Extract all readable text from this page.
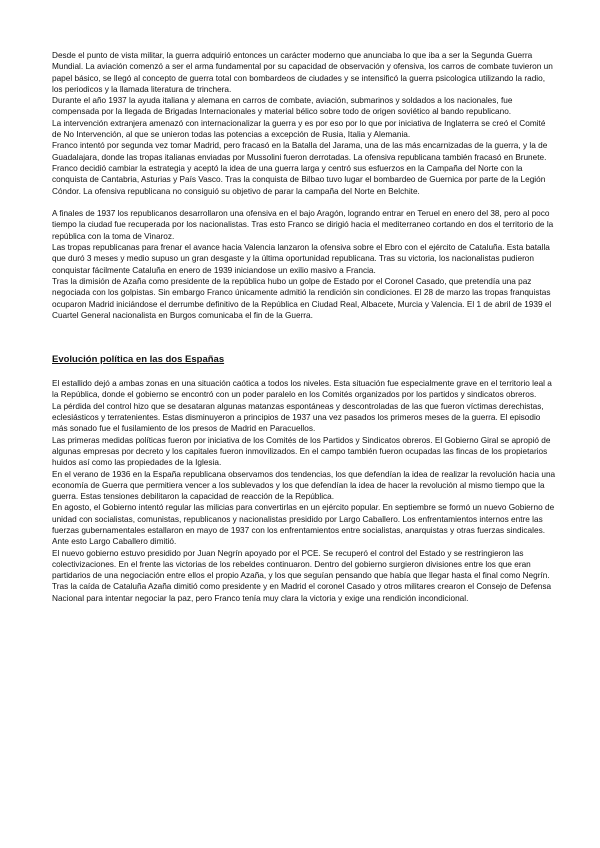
Desde el punto de vista militar, la guerra adquirió entonces un carácter moderno que anunciaba lo que iba a ser la Segunda Guerra Mundial. La aviación comenzó a ser el arma fundamental por su capacidad de observación y ofensiva, los carros de combate tuvieron un papel básico, se llegó al concepto de guerra total con bombardeos de ciudades y se intensificó la guerra psicologica utilizando la radio, los periodicos y la llamada literatura de trinchera.

Durante el año 1937 la ayuda italiana y alemana en carros de combate, aviación, submarinos y soldados a los nacionales, fue compensada por la llegada de Brigadas Internacionales y material bélico sobre todo de origen soviético al bando republicano.

La intervención extranjera amenazó con internacionalizar la guerra y es por eso por lo que por iniciativa de Inglaterra se creó el Comité de No Intervención, al que se unieron todas las potencias a excepción de Rusia, Italia y Alemania.

Franco intentó por segunda vez tomar Madrid, pero fracasó en la Batalla del Jarama, una de las más encarnizadas de la guerra, y la de Guadalajara, donde las tropas italianas enviadas por Mussolini fueron derrotadas. La ofensiva republicana también fracasó en Brunete.

Franco decidió cambiar la estrategia y aceptó la idea de una guerra larga y centró sus esfuerzos en la Campaña del Norte con la conquista de Cantabria, Asturias y País Vasco. Tras la conquista de Bilbao tuvo lugar el bombardeo de Guernica por parte de la Legión Cóndor. La ofensiva republicana no consiguió su objetivo de parar la campaña del Norte en Belchite.

A finales de 1937 los republicanos desarrollaron una ofensiva en el bajo Aragón, logrando entrar en Teruel en enero del 38, pero al poco tiempo la ciudad fue recuperada por los nacionalistas. Tras esto Franco se dirigió hacia el mediterraneo cortando en dos el territorio de la república con la toma de Vinaroz.

Las tropas republicanas para frenar el avance hacia Valencia lanzaron la ofensiva sobre el Ebro con el ejército de Cataluña. Esta batalla que duró 3 meses y medio supuso un gran desgaste y la última oportunidad republicana. Tras su victoria, los nacionalistas pudieron conquistar fácilmente Cataluña en enero de 1939 iniciandose un exilio masivo a Francia.

Tras la dimisión de Azaña como presidente de la república hubo un golpe de Estado por el Coronel Casado, que pretendía una paz negociada con los golpistas. Sin embargo Franco únicamente admitió la rendición sin condiciones. El 28 de marzo las tropas franquistas ocuparon Madrid iniciándose el derrumbe definitivo de la República en Ciudad Real, Albacete, Murcia y Valencia. El 1 de abril de 1939 el Cuartel General nacionalista en Burgos comunicaba el fin de la Guerra.

Evolución política en las dos Españas

El estallido dejó a ambas zonas en una situación caótica a todos los niveles. Esta situación fue especialmente grave en el territorio leal a la República, donde el gobierno se encontró con un poder paralelo en los Comités organizados por los partidos y sindicatos obreros.

La pérdida del control hizo que se desataran algunas matanzas espontáneas y descontroladas de las que fueron víctimas derechistas, eclesiásticos y terratenientes. Estas disminuyeron a principios de 1937 una vez pasados los primeros meses de la guerra. El episodio más sonado fue el fusilamiento de los presos de Madrid en Paracuellos.

Las primeras medidas políticas fueron por iniciativa de los Comités de los Partidos y Sindicatos obreros. El Gobierno Giral se apropió de algunas empresas por decreto y los capitales fueron inmovilizados. En el campo también fueron ocupadas las fincas de los propietarios huidos así como las propiedades de la Iglesia.

En el verano de 1936 en la España republicana observamos dos tendencias, los que defendían la idea de realizar la revolución hacia una economía de Guerra que permitiera vencer a los sublevados y los que defendían la idea de hacer la revolución al mismo tiempo que la guerra. Estas tensiones debilitaron la capacidad de reacción de la República.

En agosto, el Gobierno intentó regular las milicias para convertirlas en un ejército popular. En septiembre se formó un nuevo Gobierno de unidad con socialistas, comunistas, republicanos y nacionalistas presidido por Largo Caballero. Los enfrentamientos internos entre las fuerzas gubernamentales estallaron en mayo de 1937 con los enfrentamientos entre socialistas, anarquistas y otras fuerzas sindicales. Ante esto Largo Caballero dimitió.

El nuevo gobierno estuvo presidido por Juan Negrín apoyado por el PCE. Se recuperó el control del Estado y se restringieron las colectivizaciones. En el frente las victorias de los rebeldes continuaron. Dentro del gobierno surgieron divisiones entre los que eran partidarios de una negociación entre ellos el propio Azaña, y los que seguían pensando que había que llegar hasta el final como Negrín. Tras la caída de Cataluña Azaña dimitió como presidente y en Madrid el coronel Casado y otros militares crearon el Consejo de Defensa Nacional para intentar negociar la paz, pero Franco tenía muy clara la victoria y exige una rendición incondicional.
